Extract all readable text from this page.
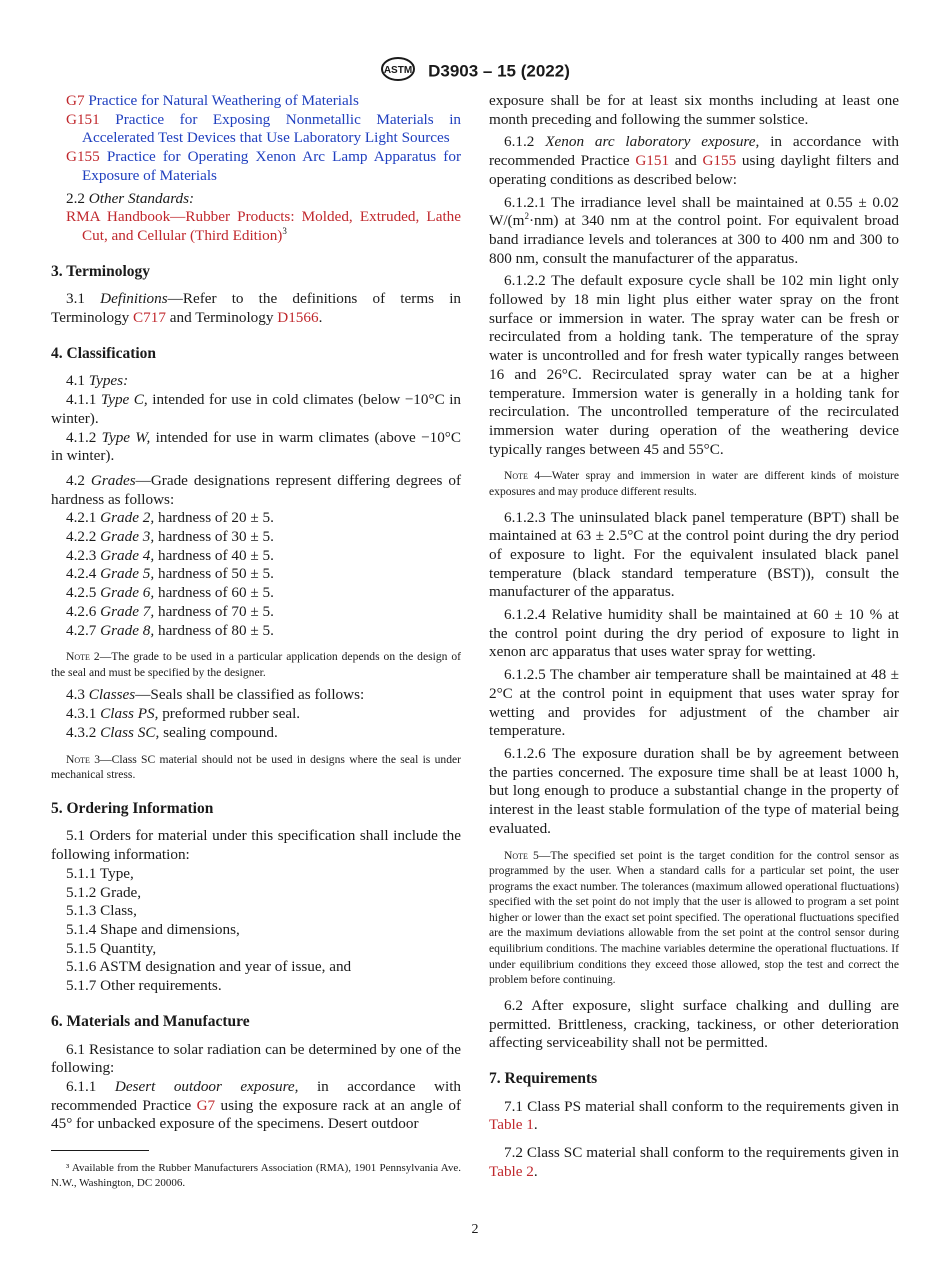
ASTM D3903 – 15 (2022)

G7 Practice for Natural Weathering of Materials

G151 Practice for Exposing Nonmetallic Materials in Accelerated Test Devices that Use Laboratory Light Sources

G155 Practice for Operating Xenon Arc Lamp Apparatus for Exposure of Materials

2.2 Other Standards:

RMA Handbook—Rubber Products: Molded, Extruded, Lathe Cut, and Cellular (Third Edition)$^3$

3. Terminology

3.1 Definitions—Refer to the definitions of terms in Terminology C717 and Terminology D1566.

4. Classification

4.1 Types:

4.1.1 Type C, intended for use in cold climates (below −10°C in winter).

4.1.2 Type W, intended for use in warm climates (above −10°C in winter).

4.2 Grades—Grade designations represent differing degrees of hardness as follows:

4.2.1 Grade 2, hardness of 20 ± 5.

4.2.2 Grade 3, hardness of 30 ± 5.

4.2.3 Grade 4, hardness of 40 ± 5.

4.2.4 Grade 5, hardness of 50 ± 5.

4.2.5 Grade 6, hardness of 60 ± 5.

4.2.6 Grade 7, hardness of 70 ± 5.

4.2.7 Grade 8, hardness of 80 ± 5.

Note 2—The grade to be used in a particular application depends on the design of the seal and must be specified by the designer.

4.3 Classes—Seals shall be classified as follows:

4.3.1 Class PS, preformed rubber seal.

4.3.2 Class SC, sealing compound.

Note 3—Class SC material should not be used in designs where the seal is under mechanical stress.

5. Ordering Information

5.1 Orders for material under this specification shall include the following information:

5.1.1 Type,

5.1.2 Grade,

5.1.3 Class,

5.1.4 Shape and dimensions,

5.1.5 Quantity,

5.1.6 ASTM designation and year of issue, and

5.1.7 Other requirements.

6. Materials and Manufacture

6.1 Resistance to solar radiation can be determined by one of the following:

6.1.1 Desert outdoor exposure, in accordance with recommended Practice G7 using the exposure rack at an angle of 45° for unbacked exposure of the specimens. Desert outdoor

³ Available from the Rubber Manufacturers Association (RMA), 1901 Pennsylvania Ave. N.W., Washington, DC 20006.

exposure shall be for at least six months including at least one month preceding and following the summer solstice.

6.1.2 Xenon arc laboratory exposure, in accordance with recommended Practice G151 and G155 using daylight filters and operating conditions as described below:

6.1.2.1 The irradiance level shall be maintained at 0.55 ± 0.02 $W/(m^2\cdot nm)$ at 340 nm at the control point. For equivalent broad band irradiance levels and tolerances at 300 to 400 nm and 300 to 800 nm, consult the manufacturer of the apparatus.

6.1.2.2 The default exposure cycle shall be 102 min light only followed by 18 min light plus either water spray on the front surface or immersion in water. The spray water can be fresh or recirculated from a holding tank. The temperature of the spray water is uncontrolled and for fresh water typically ranges between 16 and 26°C. Recirculated spray water can be at a higher temperature. Immersion water is generally in a holding tank for recirculation. The uncontrolled temperature of the recirculated immersion water during operation of the weathering device typically ranges between 45 and 55°C.

Note 4—Water spray and immersion in water are different kinds of moisture exposures and may produce different results.

6.1.2.3 The uninsulated black panel temperature (BPT) shall be maintained at 63 ± 2.5°C at the control point during the dry period of exposure to light. For the equivalent insulated black panel temperature (black standard temperature (BST)), consult the manufacturer of the apparatus.

6.1.2.4 Relative humidity shall be maintained at 60 ± 10 % at the control point during the dry period of exposure to light in xenon arc apparatus that uses water spray for wetting.

6.1.2.5 The chamber air temperature shall be maintained at 48 ± 2°C at the control point in equipment that uses water spray for wetting and provides for adjustment of the chamber air temperature.

6.1.2.6 The exposure duration shall be by agreement between the parties concerned. The exposure time shall be at least 1000 h, but long enough to produce a substantial change in the property of interest in the least stable formulation of the type of material being evaluated.

Note 5—The specified set point is the target condition for the control sensor as programmed by the user. When a standard calls for a particular set point, the user programs the exact number. The tolerances (maximum allowed operational fluctuations) specified with the set point do not imply that the user is allowed to program a set point higher or lower than the exact set point specified. The operational fluctuations specified are the maximum deviations allowable from the set point at the control sensor during equilibrium conditions. The machine variables determine the operational fluctuations. If under equilibrium conditions they exceed those allowed, stop the test and correct the problem before continuing.

6.2 After exposure, slight surface chalking and dulling are permitted. Brittleness, cracking, tackiness, or other deterioration affecting serviceability shall not be permitted.

7. Requirements

7.1 Class PS material shall conform to the requirements given in Table 1.

7.2 Class SC material shall conform to the requirements given in Table 2.

2
